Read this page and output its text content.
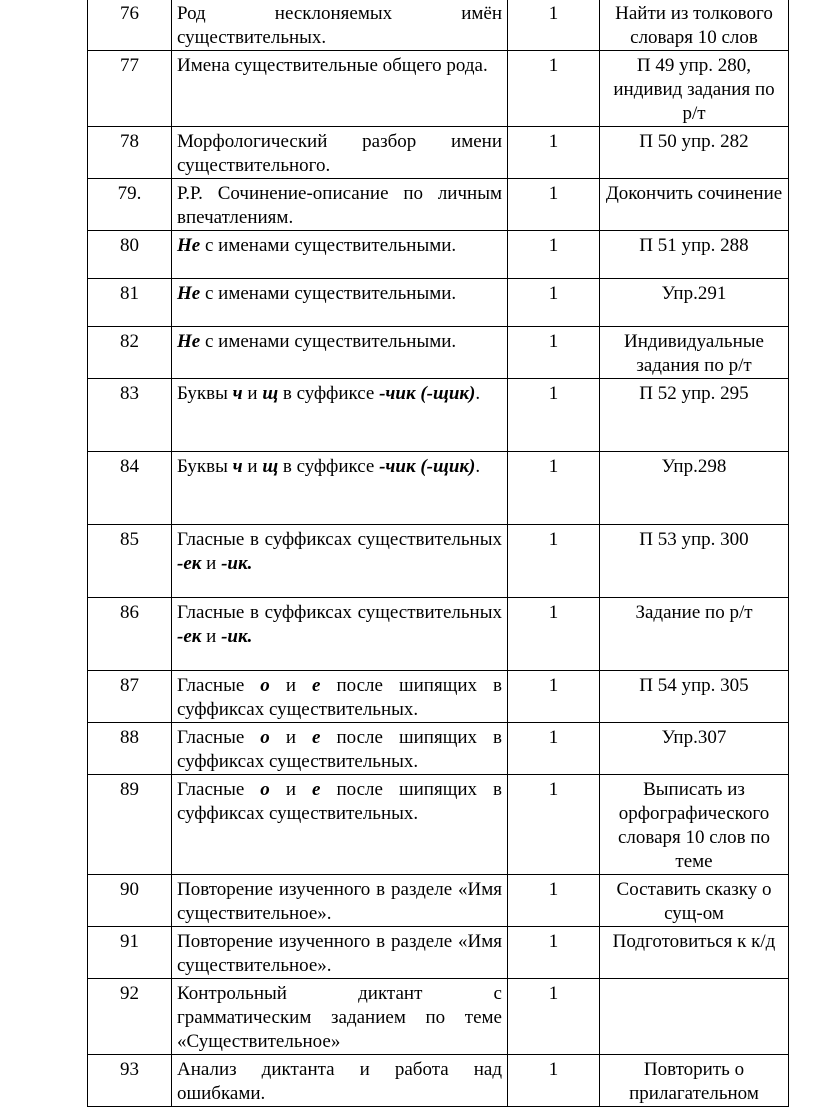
76	Род несклоняемых имён существительных.	1	Найти из толкового словаря 10 слов
77	Имена существительные общего рода.	1	П 49 упр. 280, индивид задания по р/т
78	Морфологический разбор имени существительного.	1	П 50 упр. 282
79.	Р.Р. Сочинение-описание по личным впечатлениям.	1	Докончить сочинение
80	Не с именами существительными.	1	П 51 упр. 288
81	Не с именами существительными.	1	Упр.291
82	Не с именами существительными.	1	Индивидуальные задания по р/т
83	Буквы ч и щ в суффиксе -чик (-щик).	1	П 52 упр. 295
84	Буквы ч и щ в суффиксе -чик (-щик).	1	Упр.298
85	Гласные в суффиксах существительных -ек и -ик.	1	П 53 упр. 300
86	Гласные в суффиксах существительных -ек и -ик.	1	Задание по р/т
87	Гласные о и е после шипящих в суффиксах существительных.	1	П 54 упр. 305
88	Гласные о и е после шипящих в суффиксах существительных.	1	Упр.307
89	Гласные о и е после шипящих в суффиксах существительных.	1	Выписать из орфографического словаря 10 слов по теме
90	Повторение изученного в разделе «Имя существительное».	1	Составить сказку о сущ-ом
91	Повторение изученного в разделе «Имя существительное».	1	Подготовиться к к/д
92	Контрольный диктант с грамматическим заданием по теме «Существительное»	1	
93	Анализ диктанта и работа над ошибками.	1	Повторить о прилагательном
